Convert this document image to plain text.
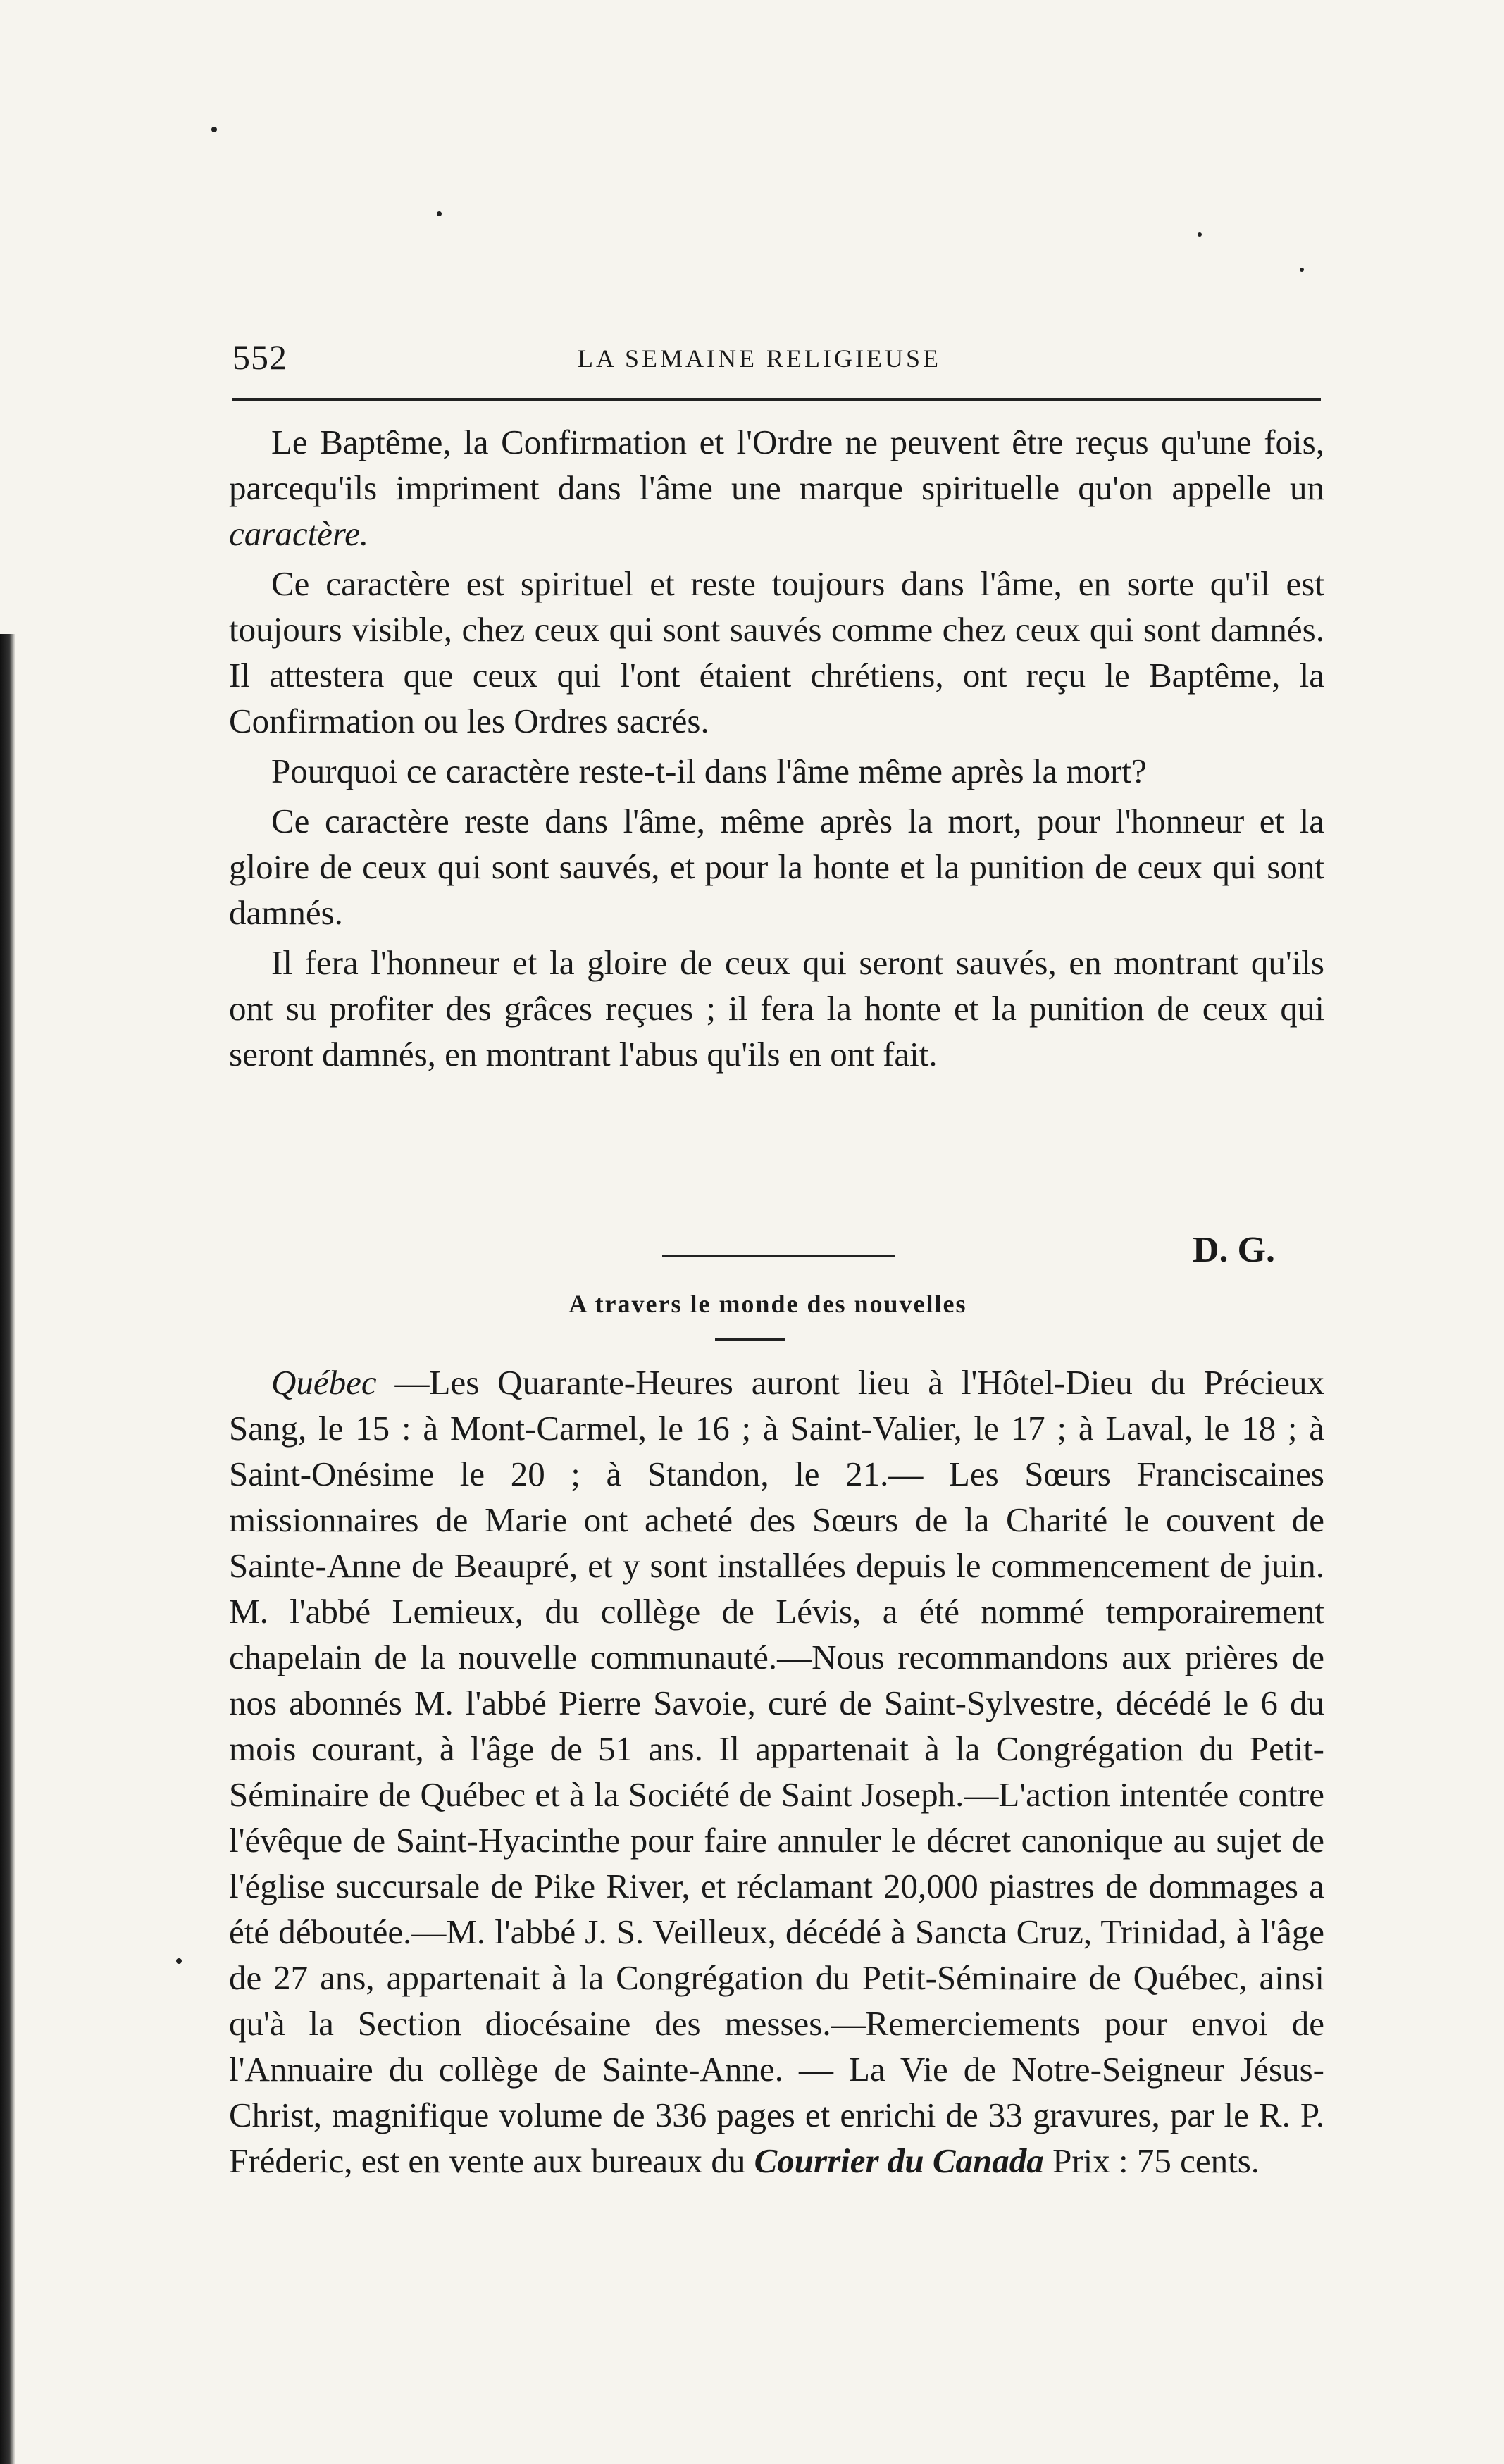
552	LA SEMAINE RELIGIEUSE

Le Baptême, la Confirmation et l'Ordre ne peuvent être reçus qu'une fois, parcequ'ils impriment dans l'âme une marque spirituelle qu'on appelle un caractère.

Ce caractère est spirituel et reste toujours dans l'âme, en sorte qu'il est toujours visible, chez ceux qui sont sauvés comme chez ceux qui sont damnés. Il attestera que ceux qui l'ont étaient chrétiens, ont reçu le Baptême, la Confirmation ou les Ordres sacrés.

Pourquoi ce caractère reste-t-il dans l'âme même après la mort?

Ce caractère reste dans l'âme, même après la mort, pour l'honneur et la gloire de ceux qui sont sauvés, et pour la honte et la punition de ceux qui sont damnés.

Il fera l'honneur et la gloire de ceux qui seront sauvés, en montrant qu'ils ont su profiter des grâces reçues ; il fera la honte et la punition de ceux qui seront damnés, en montrant l'abus qu'ils en ont fait.

D. G.
A travers le monde des nouvelles

Québec —Les Quarante-Heures auront lieu à l'Hôtel-Dieu du Précieux Sang, le 15 : à Mont-Carmel, le 16 ; à Saint-Valier, le 17 ; à Laval, le 18 ; à Saint-Onésime le 20 ; à Standon, le 21.— Les Sœurs Franciscaines missionnaires de Marie ont acheté des Sœurs de la Charité le couvent de Sainte-Anne de Beaupré, et y sont installées depuis le commencement de juin. M. l'abbé Lemieux, du collège de Lévis, a été nommé temporairement chapelain de la nouvelle communauté.—Nous recommandons aux prières de nos abonnés M. l'abbé Pierre Savoie, curé de Saint-Sylvestre, décédé le 6 du mois courant, à l'âge de 51 ans. Il appartenait à la Congrégation du Petit-Séminaire de Québec et à la Société de Saint Joseph.—L'action intentée contre l'évêque de Saint-Hyacinthe pour faire annuler le décret canonique au sujet de l'église succursale de Pike River, et réclamant 20,000 piastres de dommages a été déboutée.—M. l'abbé J. S. Veilleux, décédé à Sancta Cruz, Trinidad, à l'âge de 27 ans, appartenait à la Congrégation du Petit-Séminaire de Québec, ainsi qu'à la Section diocésaine des messes.—Remerciements pour envoi de l'Annuaire du collège de Sainte-Anne. — La Vie de Notre-Seigneur Jésus-Christ, magnifique volume de 336 pages et enrichi de 33 gravures, par le R. P. Fréderic, est en vente aux bureaux du Courrier du Canada Prix : 75 cents.
